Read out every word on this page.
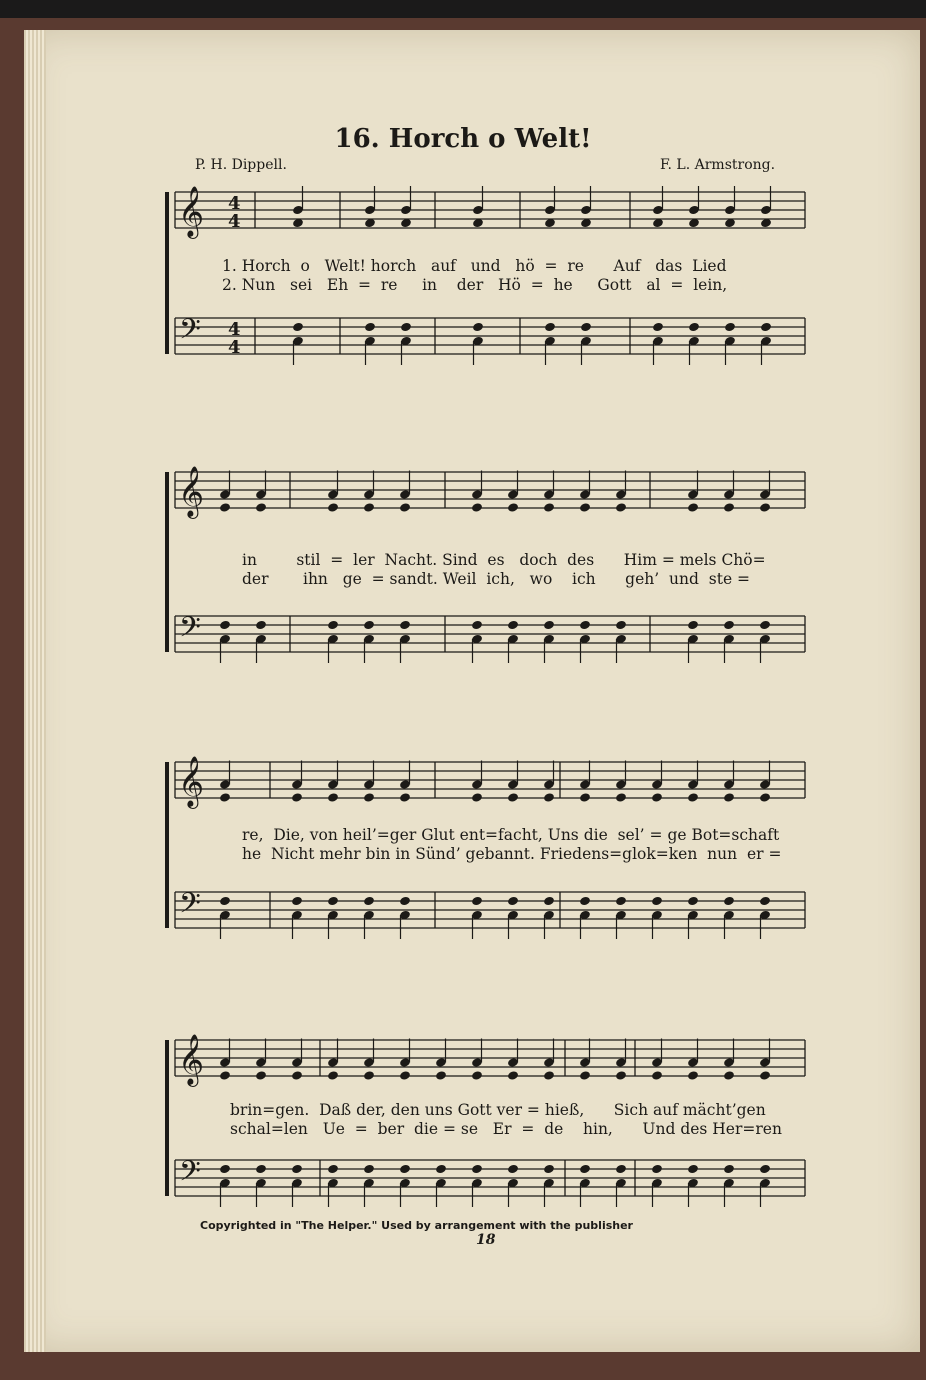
16. Horch o Welt!
P. H. Dippell.	F. L. Armstrong.
𝄞
𝄢
4
4
4
4
𝄞
𝄢
𝄞
𝄢
𝄞
𝄢
1. Horch  o   Welt! horch   auf   und   hö  =  re      Auf   das  Lied
2. Nun   sei   Eh  =  re     in    der   Hö  =  he     Gott   al  =  lein,
in        stil  =  ler  Nacht. Sind  es   doch  des      Him = mels Chö=
der       ihn   ge  = sandt. Weil  ich,   wo    ich      geh’  und  ste =
re,  Die, von heil’=ger Glut ent=facht, Uns die  sel’ = ge Bot=schaft
he  Nicht mehr bin in Sünd’ gebannt. Friedens=glok=ken  nun  er =
brin=gen.  Daß der, den uns Gott ver = hieß,      Sich auf mächt’gen
schal=len   Ue  =  ber  die = se   Er  =  de    hin,      Und des Her=ren
Copyrighted in "The Helper." Used by arrangement with the publisher
18
